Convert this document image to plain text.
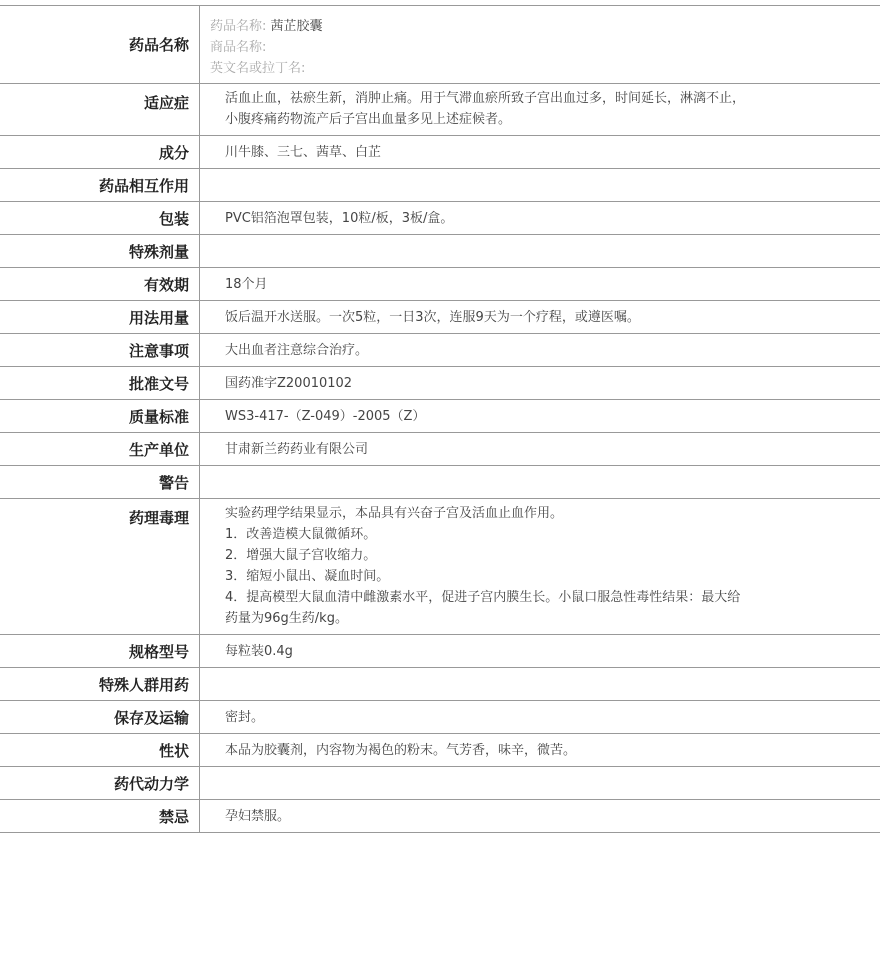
药品名称
药品名称: 茜芷胶囊
商品名称:
英文名或拉丁名:
适应症	活血止血，祛瘀生新，消肿止痛。用于气滞血瘀所致子宫出血过多，时间延长，淋漓不止，
小腹疼痛药物流产后子宫出血量多见上述症候者。
成分	川牛膝、三七、茜草、白芷
药品相互作用
包装	PVC铝箔泡罩包装，10粒/板，3板/盒。
特殊剂量
有效期	18个月
用法用量	饭后温开水送服。一次5粒，一日3次，连服9天为一个疗程，或遵医嘱。
注意事项	大出血者注意综合治疗。
批准文号	国药准字Z20010102
质量标准	WS3-417-（Z-049）-2005（Z）
生产单位	甘肃新兰药药业有限公司
警告
药理毒理	实验药理学结果显示，本品具有兴奋子宫及活血止血作用。
1．改善造模大鼠微循环。
2．增强大鼠子宫收缩力。
3．缩短小鼠出、凝血时间。
4．提高模型大鼠血清中雌激素水平，促进子宫内膜生长。小鼠口服急性毒性结果：最大给
药量为96g生药/kg。
规格型号	每粒装0.4g
特殊人群用药
保存及运输	密封。
性状	本品为胶囊剂，内容物为褐色的粉末。气芳香，味辛，微苦。
药代动力学
禁忌	孕妇禁服。
